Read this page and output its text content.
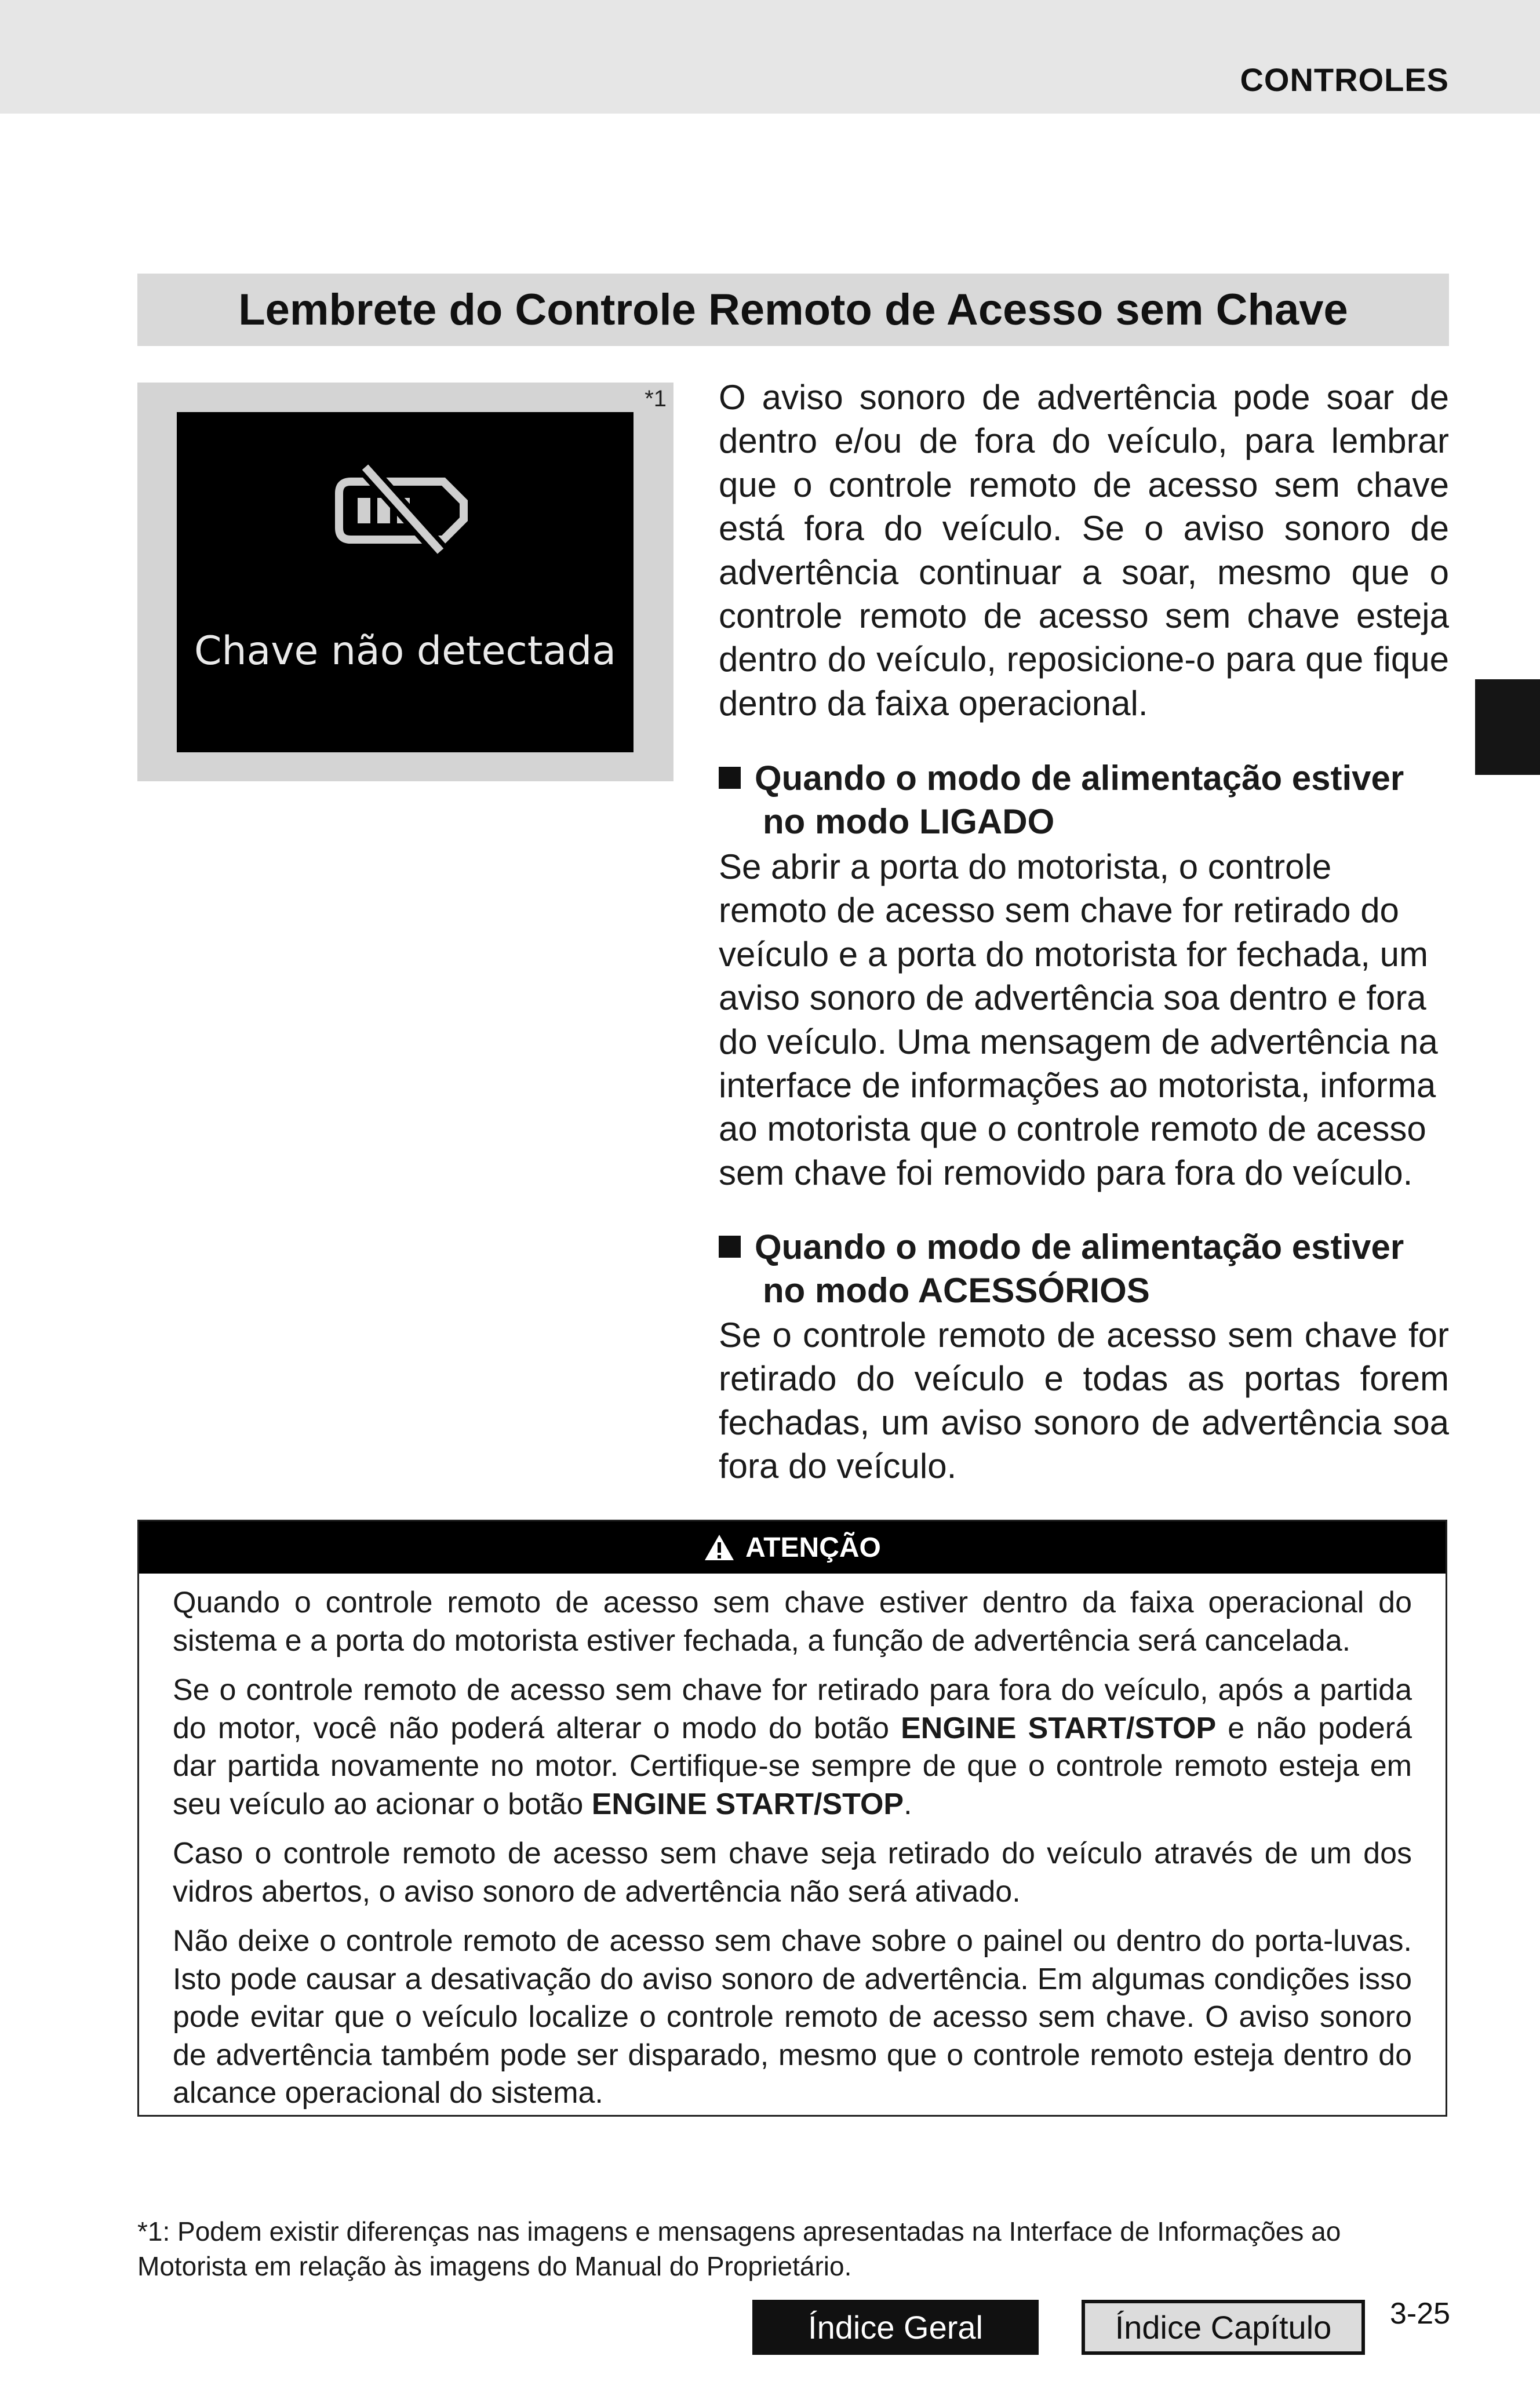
CONTROLES
Lembrete do Controle Remoto de Acesso sem Chave
*1
Chave não detectada
O aviso sonoro de advertência pode soar de dentro e/ou de fora do veículo, para lembrar que o controle remoto de acesso sem chave está fora do veículo. Se o aviso sonoro de advertência continuar a soar, mesmo que o controle remoto de acesso sem chave esteja dentro do veículo, reposicione-o para que fique dentro da faixa operacional.
Quando o modo de alimentação estiver
no modo LIGADO
Se abrir a porta do motorista, o controle remoto de acesso sem chave for retirado do veículo e a porta do motorista for fechada, um aviso sonoro de advertência soa dentro e fora do veículo. Uma mensagem de advertência na interface de informações ao motorista, informa ao motorista que o controle remoto de acesso sem chave foi removido para fora do veículo.
Quando o modo de alimentação estiver
no modo ACESSÓRIOS
Se o controle remoto de acesso sem chave for retirado do veículo e todas as portas forem fechadas, um aviso sonoro de advertência soa fora do veículo.
ATENÇÃO

Quando o controle remoto de acesso sem chave estiver dentro da faixa operacional do sistema e a porta do motorista estiver fechada, a função de advertência será cancelada.

Se o controle remoto de acesso sem chave for retirado para fora do veículo, após a partida do motor, você não poderá alterar o modo do botão ENGINE START/STOP e não poderá dar partida novamente no motor. Certifique-se sempre de que o controle remoto esteja em seu veículo ao acionar o botão ENGINE START/STOP.

Caso o controle remoto de acesso sem chave seja retirado do veículo através de um dos vidros abertos, o aviso sonoro de advertência não será ativado.

Não deixe o controle remoto de acesso sem chave sobre o painel ou dentro do porta-luvas. Isto pode causar a desativação do aviso sonoro de advertência. Em algumas condições isso pode evitar que o veículo localize o controle remoto de acesso sem chave. O aviso sonoro de advertência também pode ser disparado, mesmo que o controle remoto esteja dentro do alcance operacional do sistema.

*1: Podem existir diferenças nas imagens e mensagens apresentadas na Interface de Informações ao Motorista em relação às imagens do Manual do Proprietário.
Índice Geral	Índice Capítulo	3-25
